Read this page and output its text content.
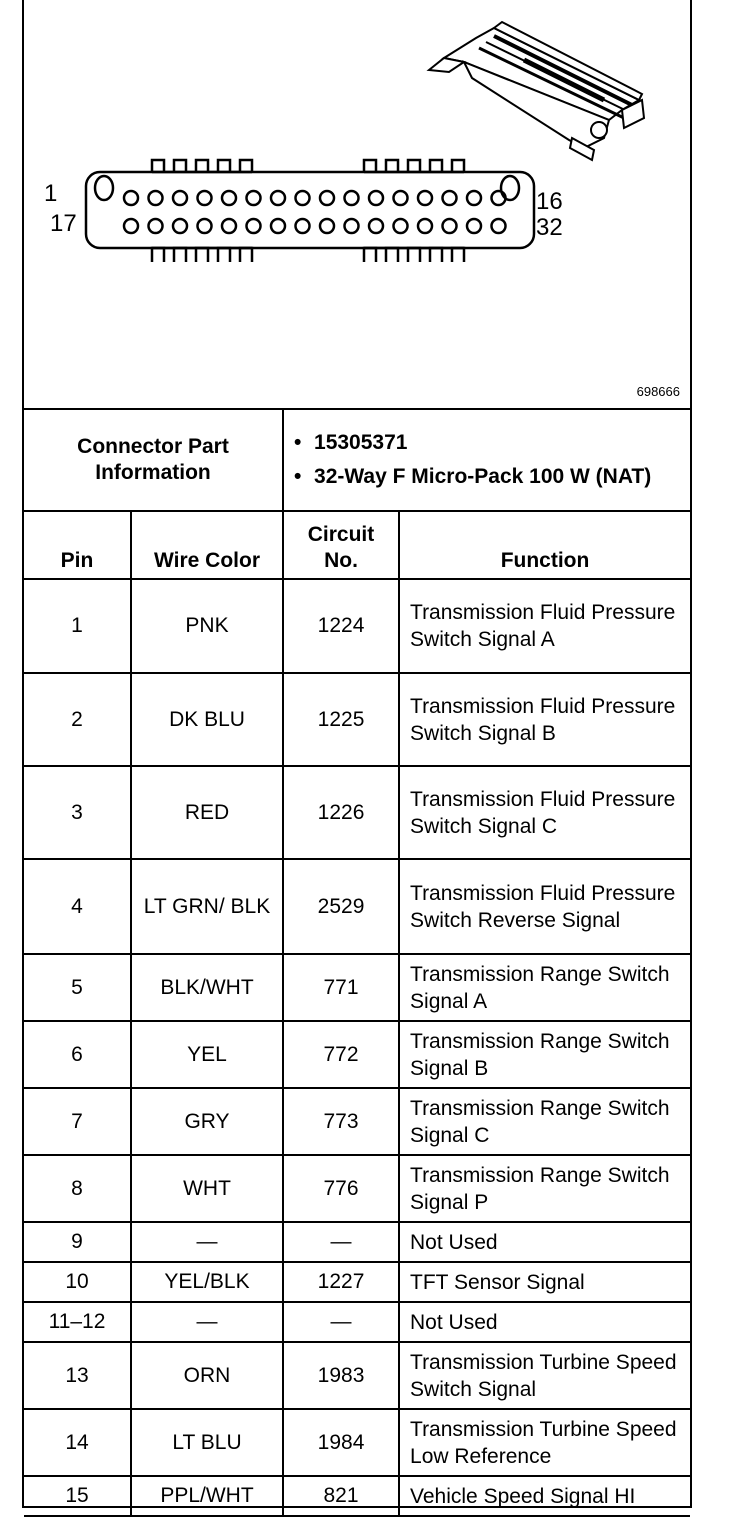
1
17
16
32
698666
Connector Part Information		• 15305371
• 32-Way F Micro-Pack 100 W (NAT)

Pin	Wire Color	Circuit No.	Function
1	PNK	1224	Transmission Fluid Pressure Switch Signal A
2	DK BLU	1225	Transmission Fluid Pressure Switch Signal B
3	RED	1226	Transmission Fluid Pressure Switch Signal C
4	LT GRN/ BLK	2529	Transmission Fluid Pressure Switch Reverse Signal
5	BLK/WHT	771	Transmission Range Switch Signal A
6	YEL	772	Transmission Range Switch Signal B
7	GRY	773	Transmission Range Switch Signal C
8	WHT	776	Transmission Range Switch Signal P
9	—	—	Not Used
10	YEL/BLK	1227	TFT Sensor Signal
11–12	—	—	Not Used
13	ORN	1983	Transmission Turbine Speed Switch Signal
14	LT BLU	1984	Transmission Turbine Speed Low Reference
15	PPL/WHT	821	Vehicle Speed Signal HI
